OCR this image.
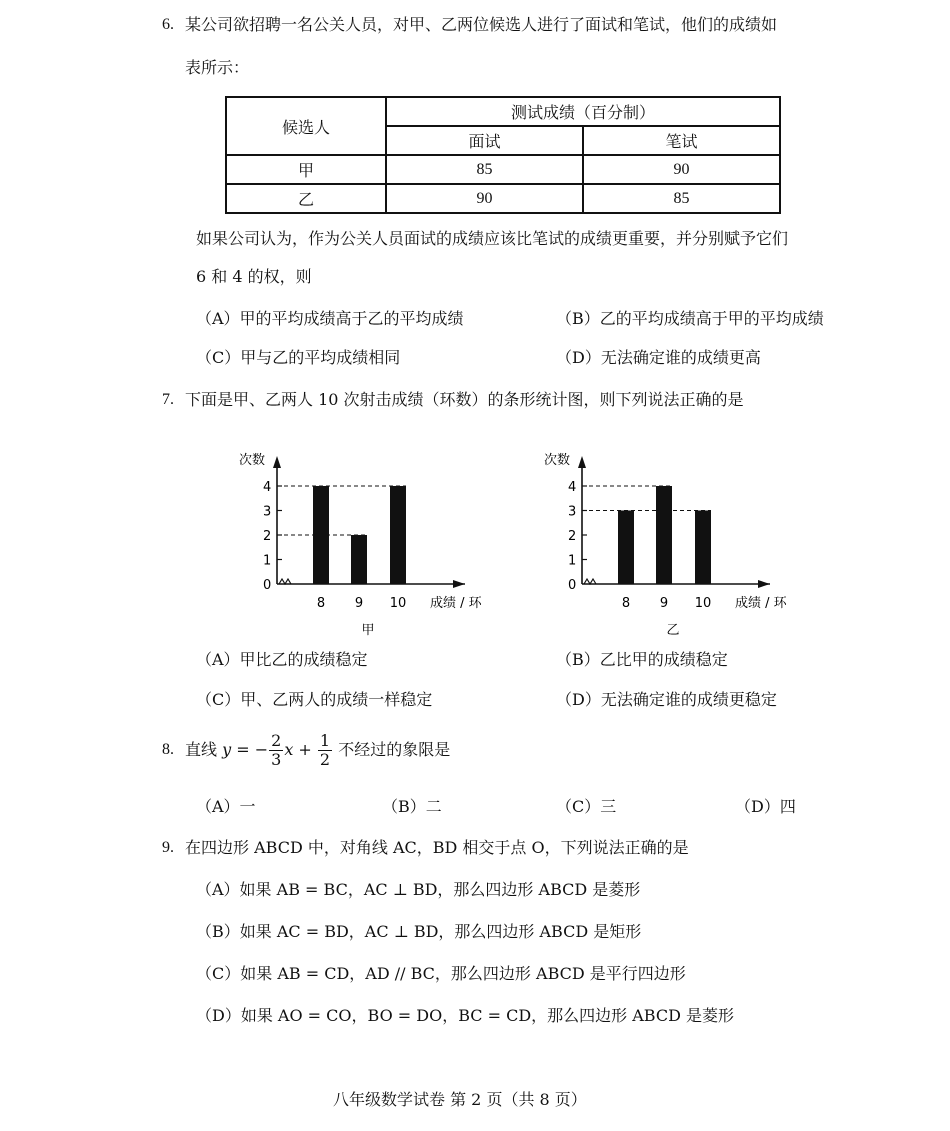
6. 某公司欲招聘一名公关人员，对甲、乙两位候选人进行了面试和笔试，他们的成绩如
表所示：
候选人	测试成绩（百分制）	
	面试	笔试
甲	85	90
乙	90	85
如果公司认为，作为公关人员面试的成绩应该比笔试的成绩更重要，并分别赋予它们
6 和 4 的权，则
（A）甲的平均成绩高于乙的平均成绩	（B）乙的平均成绩高于甲的平均成绩
（C）甲与乙的平均成绩相同	（D）无法确定谁的成绩更高
7. 下面是甲、乙两人 10 次射击成绩（环数）的条形统计图，则下列说法正确的是
次数
0
1
2
3
4
8 9 10 成绩 / 环
甲
次数
0
1
2
3
4
8 9 10 成绩 / 环
乙
（A）甲比乙的成绩稳定	（B）乙比甲的成绩稳定
（C）甲、乙两人的成绩一样稳定	（D）无法确定谁的成绩更稳定
8. 直线 y = − $\frac{2}{3}$ $x + \frac{1}{2}$ 不经过的象限是
（A）一	（B）二	（C）三	（D）四
9. 在四边形 ABCD 中，对角线 AC，BD 相交于点 O，下列说法正确的是
（A）如果 AB = BC，AC ⊥ BD，那么四边形 ABCD 是菱形
（B）如果 AC = BD，AC ⊥ BD，那么四边形 ABCD 是矩形
（C）如果 AB = CD，AD // BC，那么四边形 ABCD 是平行四边形
（D）如果 AO = CO，BO = DO，BC = CD，那么四边形 ABCD 是菱形
八年级数学试卷 第 2 页（共 8 页）
